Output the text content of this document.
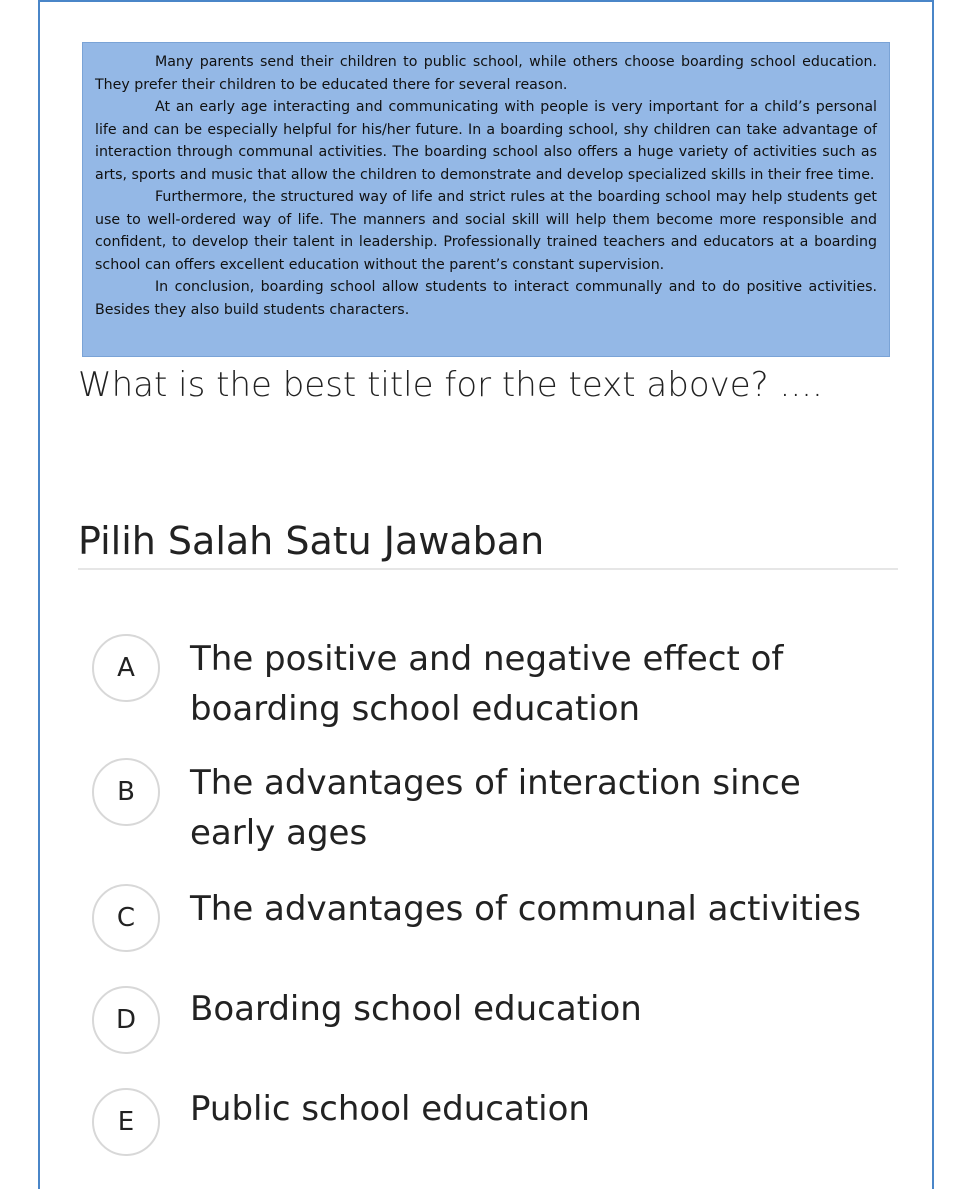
Many parents send their children to public school, while others choose boarding school education. They prefer their children to be educated there for several reason.

At an early age interacting and communicating with people is very important for a child’s personal life and can be especially helpful for his/her future. In a boarding school, shy children can take advantage of interaction through communal activities. The boarding school also offers a huge variety of activities such as arts, sports and music that allow the children to demonstrate and develop specialized skills in their free time.

Furthermore, the structured way of life and strict rules at the boarding school may help students get use to well-ordered way of life. The manners and social skill will help them become more responsible and confident, to develop their talent in leadership. Professionally trained teachers and educators at a boarding school can offers excellent education without the parent’s constant supervision.

In conclusion, boarding school allow students to interact communally and to do positive activities. Besides they also build students characters.

What is the best title for the text above? ....
Pilih Salah Satu Jawaban
A	The positive and negative effect of boarding school education
B	The advantages of interaction since early ages
C	The advantages of communal activities
D	Boarding school education
E	Public school education
